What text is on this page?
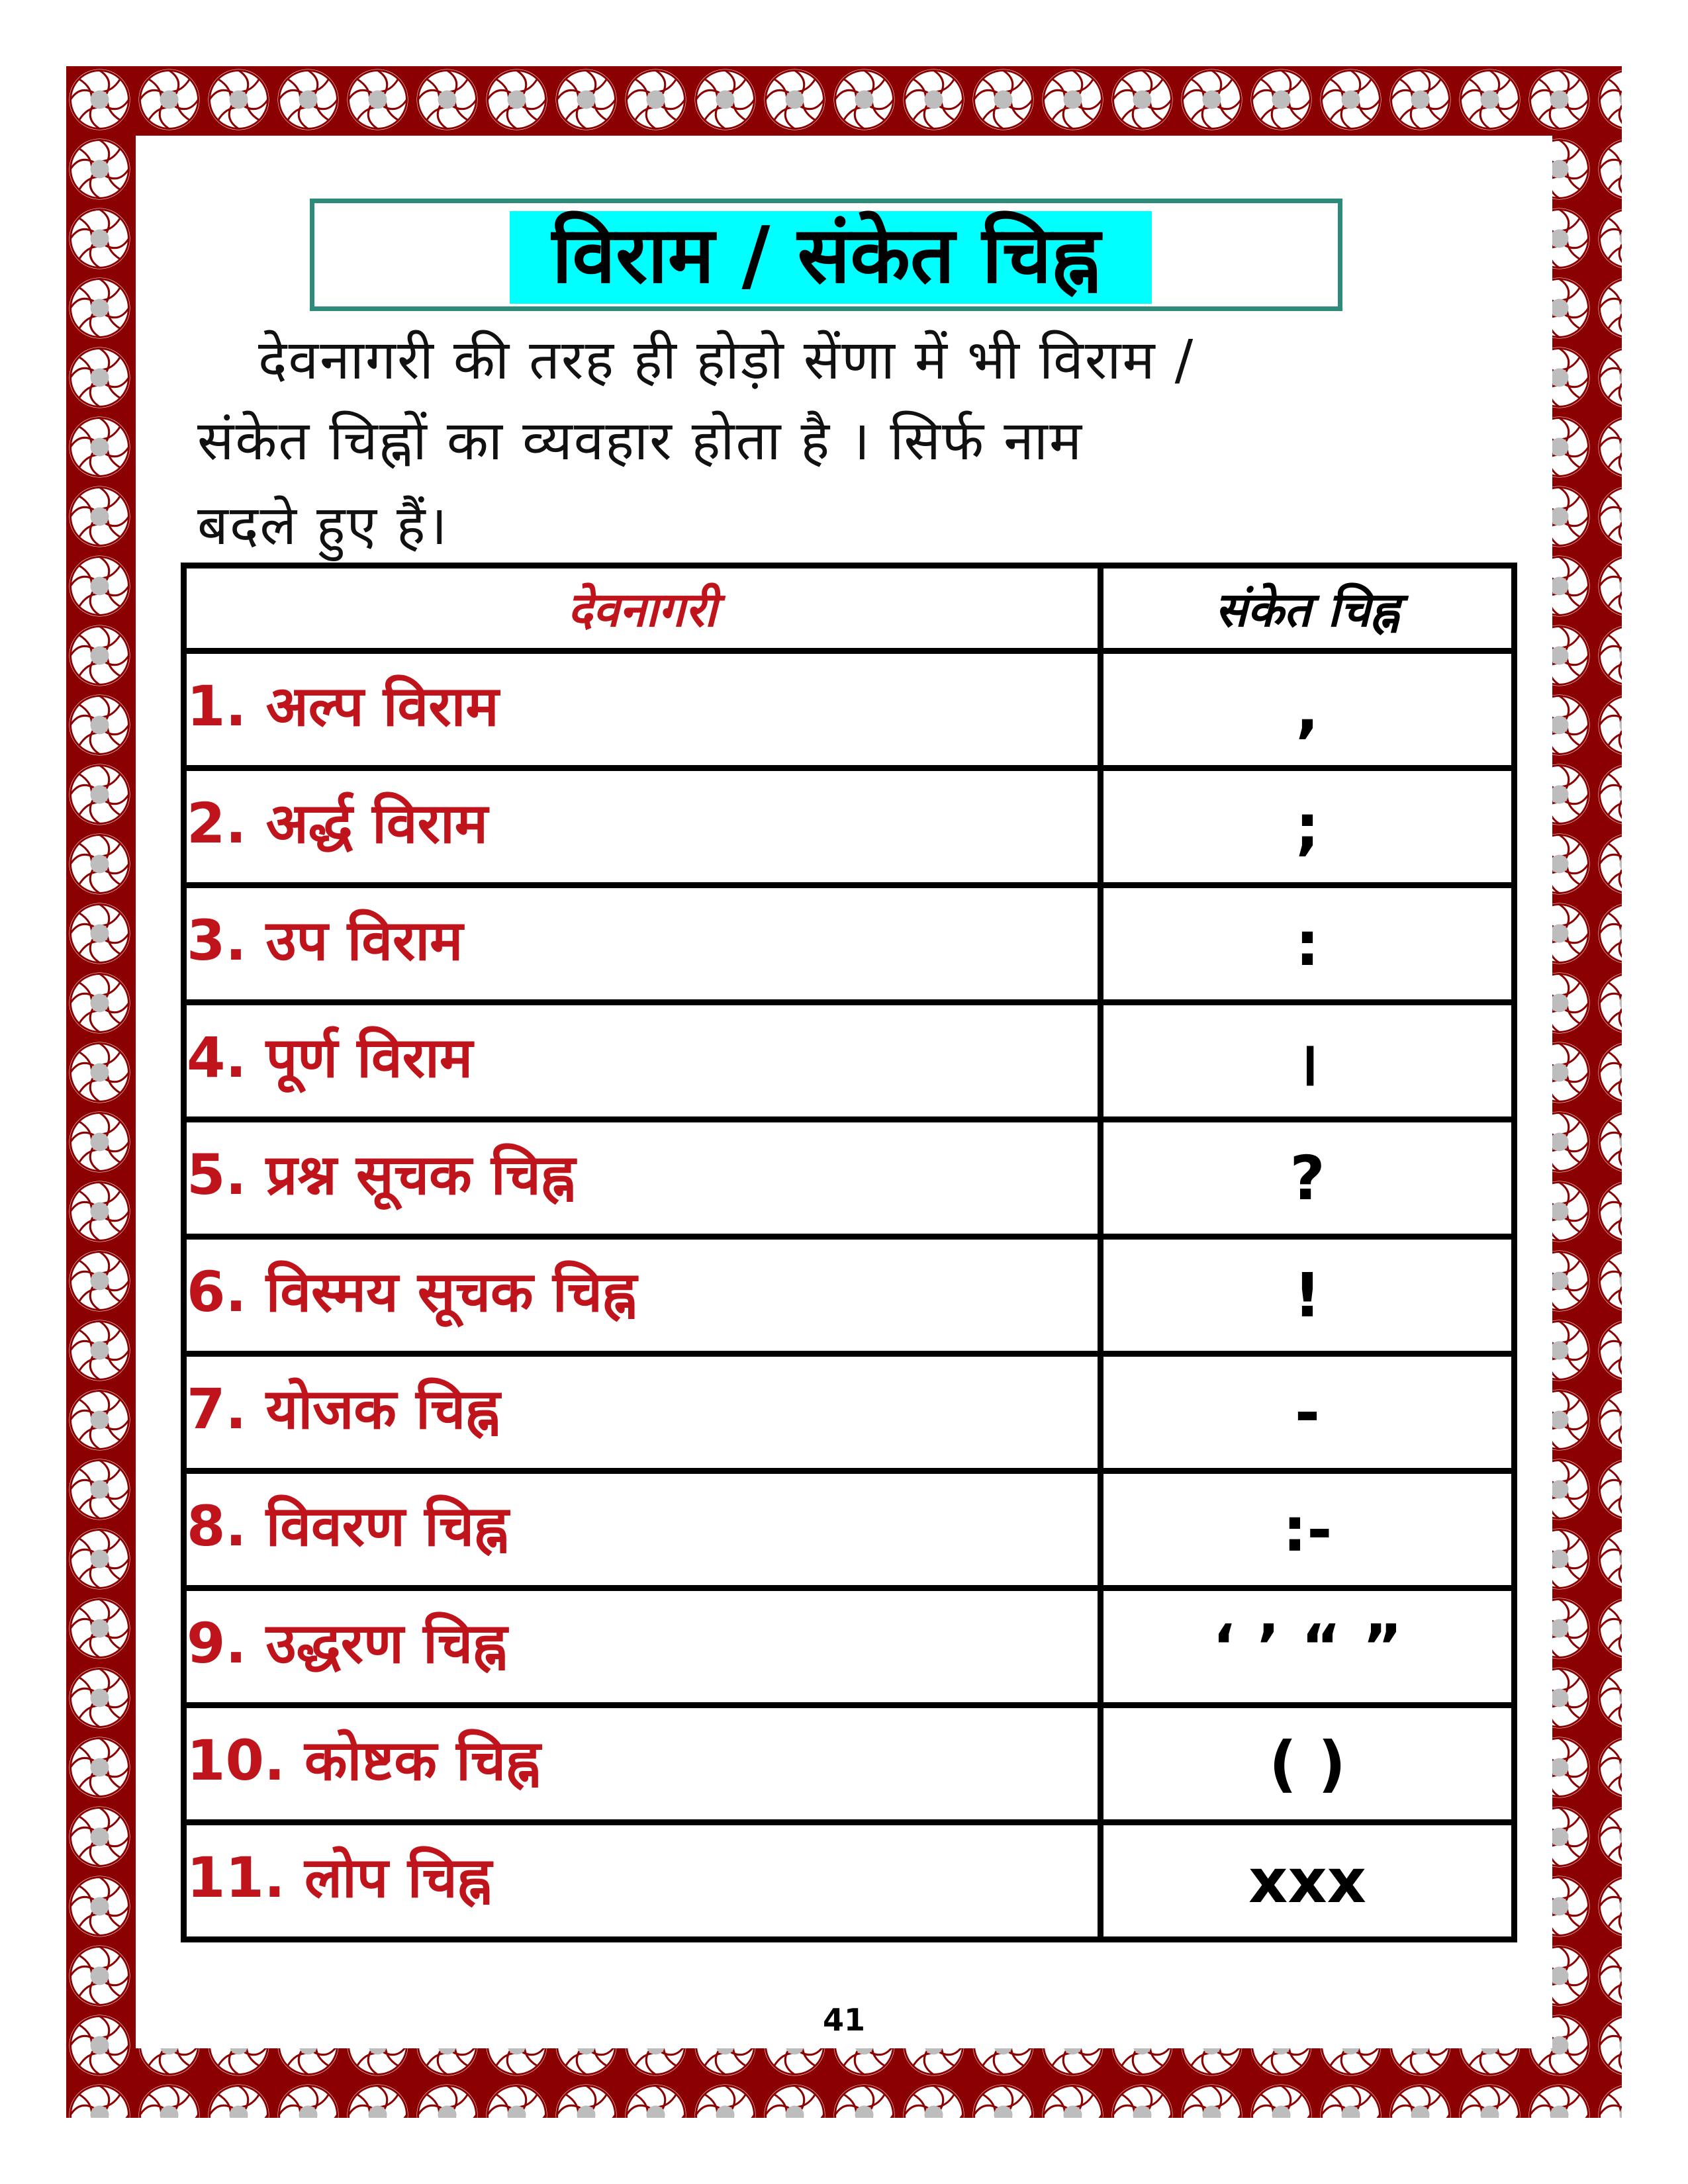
विराम / संकेत चिह्न
देवनागरी की तरह ही होड़ो सेंणा में भी विराम /
संकेत चिह्नों का व्यवहार होता है । सिर्फ नाम
बदले हुए हैं।
देवनागरी	संकेत चिह्न

1. अल्प विराम	,

2. अर्द्ध विराम	;

3. उप विराम	:

4. पूर्ण विराम	।

5. प्रश्न सूचक चिह्न	?

6. विस्मय सूचक चिह्न	!

7. योजक चिह्न	-

8. विवरण चिह्न	:-

9. उद्धरण चिह्न	‘ ’ “ ”

10. कोष्टक चिह्न	( )

11. लोप चिह्न	xxx
41
